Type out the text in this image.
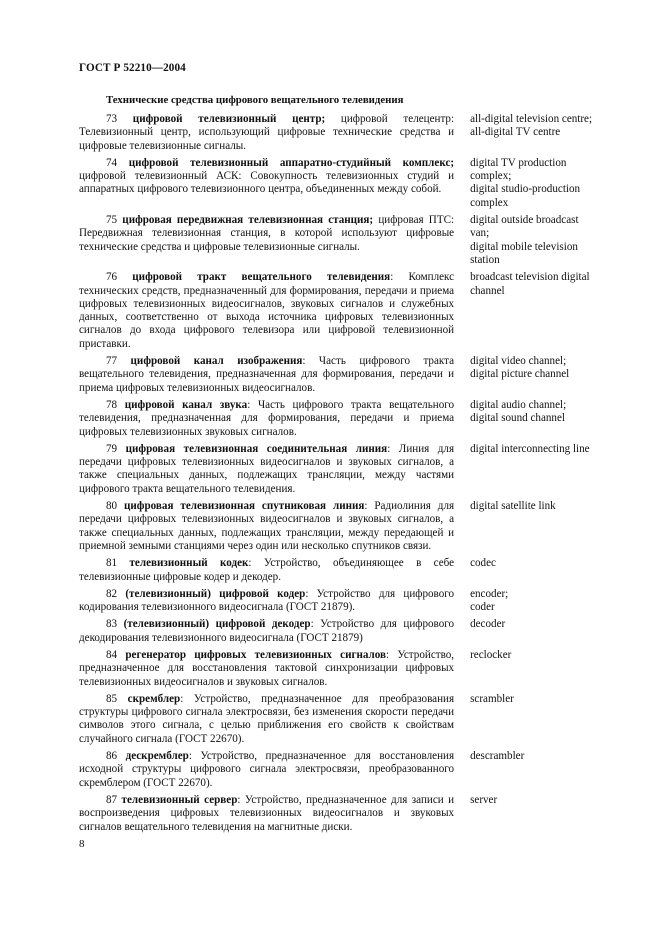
ГОСТ Р 52210—2004
Технические средства цифрового вещательного телевидения
73 цифровой телевизионный центр; цифровой телецентр: Телевизионный центр, использующий цифровые технические средства и цифровые телевизионные сигналы.
all-digital television centre;
all-digital TV centre
74 цифровой телевизионный аппаратно-студийный комплекс; цифровой телевизионный АСК: Совокупность телевизионных студий и аппаратных цифрового телевизионного центра, объединенных между собой.
digital TV production
complex;
digital studio-production
complex
75 цифровая передвижная телевизионная станция; цифровая ПТС: Передвижная телевизионная станция, в которой используют цифровые технические средства и цифровые телевизионные сигналы.
digital outside broadcast
van;
digital mobile television
station
76 цифровой тракт вещательного телевидения: Комплекс технических средств, предназначенный для формирования, передачи и приема цифровых телевизионных видеосигналов, звуковых сигналов и служебных данных, соответственно от выхода источника цифровых телевизионных сигналов до входа цифрового телевизора или цифровой телевизионной приставки.
broadcast television digital
channel
77 цифровой канал изображения: Часть цифрового тракта вещательного телевидения, предназначенная для формирования, передачи и приема цифровых телевизионных видеосигналов.
digital video channel;
digital picture channel
78 цифровой канал звука: Часть цифрового тракта вещательного телевидения, предназначенная для формирования, передачи и приема цифровых телевизионных звуковых сигналов.
digital audio channel;
digital sound channel
79 цифровая телевизионная соединительная линия: Линия для передачи цифровых телевизионных видеосигналов и звуковых сигналов, а также специальных данных, подлежащих трансляции, между частями цифрового тракта вещательного телевидения.
digital interconnecting line
80 цифровая телевизионная спутниковая линия: Радиолиния для передачи цифровых телевизионных видеосигналов и звуковых сигналов, а также специальных данных, подлежащих трансляции, между передающей и приемной земными станциями через один или несколько спутников связи.
digital satellite link
81 телевизионный кодек: Устройство, объединяющее в себе телевизионные цифровые кодер и декодер.
codec
82 (телевизионный) цифровой кодер: Устройство для цифрового кодирования телевизионного видеосигнала (ГОСТ 21879).
encoder;
coder
83 (телевизионный) цифровой декодер: Устройство для цифрового декодирования телевизионного видеосигнала (ГОСТ 21879)
decoder
84 регенератор цифровых телевизионных сигналов: Устройство, предназначенное для восстановления тактовой синхронизации цифровых телевизионных видеосигналов и звуковых сигналов.
reclocker
85 скремблер: Устройство, предназначенное для преобразования структуры цифрового сигнала электросвязи, без изменения скорости передачи символов этого сигнала, с целью приближения его свойств к свойствам случайного сигнала (ГОСТ 22670).
scrambler
86 дескремблер: Устройство, предназначенное для восстановления исходной структуры цифрового сигнала электросвязи, преобразованного скремблером (ГОСТ 22670).
descrambler
87 телевизионный сервер: Устройство, предназначенное для записи и воспроизведения цифровых телевизионных видеосигналов и звуковых сигналов вещательного телевидения на магнитные диски.
server
8
